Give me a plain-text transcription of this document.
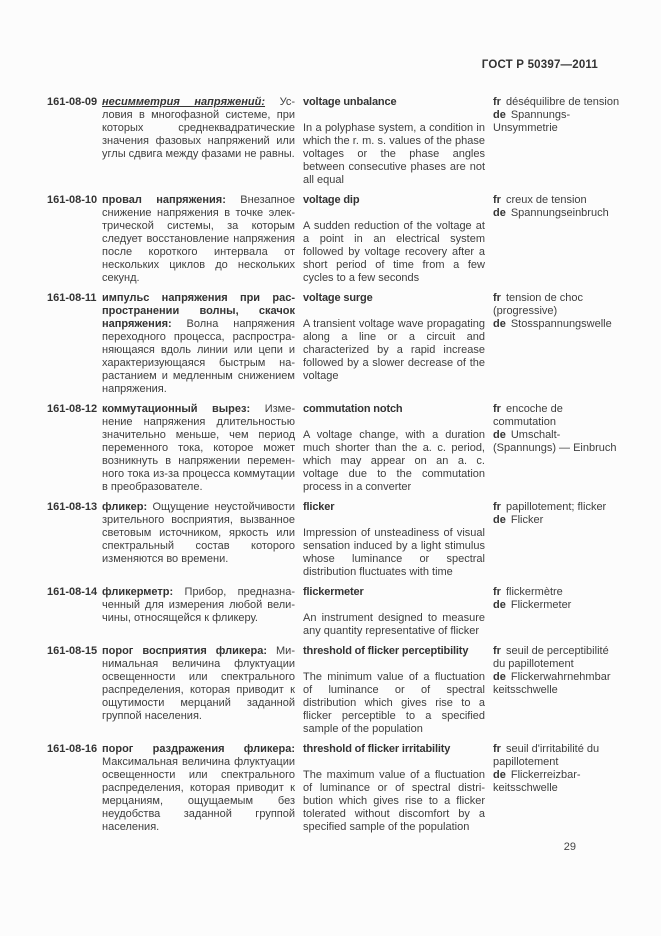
ГОСТ Р 50397—2011
161-08-09 несимметрия напряжений: Условия в многофазной системе, при которых среднеквадратические значения фазовых напряжений или углы сдвига между фазами не равны.
voltage unbalance
In a polyphase system, a condition in which the r. m. s. values of the phase voltages or the phase angles between consecutive phases are not all equal
fr déséquilibre de tension
de Spannungs-Unsymmetrie
161-08-10 провал напряжения: Внезапное снижение напряжения в точке электрической системы, за которым следует восстановление напряжения после короткого интервала от нескольких циклов до нескольких секунд.
voltage dip
A sudden reduction of the voltage at a point in an electrical system followed by voltage recovery after a short period of time from a few cycles to a few seconds
fr creux de tension
de Spannungseinbruch
161-08-11 импульс напряжения при распространении волны, скачок напряжения: Волна напряжения переходного процесса, распространяющаяся вдоль линии или цепи и характеризующаяся быстрым нарастанием и медленным снижением напряжения.
voltage surge
A transient voltage wave propagating along a line or a circuit and characterized by a rapid increase followed by a slower decrease of the voltage
fr tension de choc (progressive)
de Stosspannungswelle
161-08-12 коммутационный вырез: Изменение напряжения длительностью значительно меньше, чем период переменного тока, которое может возникнуть в напряжении переменного тока из-за процесса коммутации в преобразователе.
commutation notch
A voltage change, with a duration much shorter than the a. c. period, which may appear on an a. c. voltage due to the commutation process in a converter
fr encoche de commutation
de Umschalt-(Spannungs) — Einbruch
161-08-13 фликер: Ощущение неустойчивости зрительного восприятия, вызванное световым источником, яркость или спектральный состав которого изменяются во времени.
flicker
Impression of unsteadiness of visual sensation induced by a light stimulus whose luminance or spectral distribution fluctuates with time
fr papillotement; flicker
de Flicker
161-08-14 фликерметр: Прибор, предназначенный для измерения любой величины, относящейся к фликеру.
flickermeter
An instrument designed to measure any quantity representative of flicker
fr flickermètre
de Flickermeter
161-08-15 порог восприятия фликера: Минимальная величина флуктуации освещенности или спектрального распределения, которая приводит к ощутимости мерцаний заданной группой населения.
threshold of flicker perceptibility
The minimum value of a fluctuation of luminance or of spectral distribution which gives rise to a flicker perceptible to a specified sample of the population
fr seuil de perceptibilité du papillotement
de Flickerwahrnehmbar keitsschwelle
161-08-16 порог раздражения фликера: Максимальная величина флуктуации освещенности или спектрального распределения, которая приводит к мерцаниям, ощущаемым без неудобства заданной группой населения.
threshold of flicker irritability
The maximum value of a fluctuation of luminance or of spectral distribution which gives rise to a flicker tolerated without discomfort by a specified sample of the population
fr seuil d'irritabilité du papillotement
de Flickerreizbarkeitsschwelle
29
